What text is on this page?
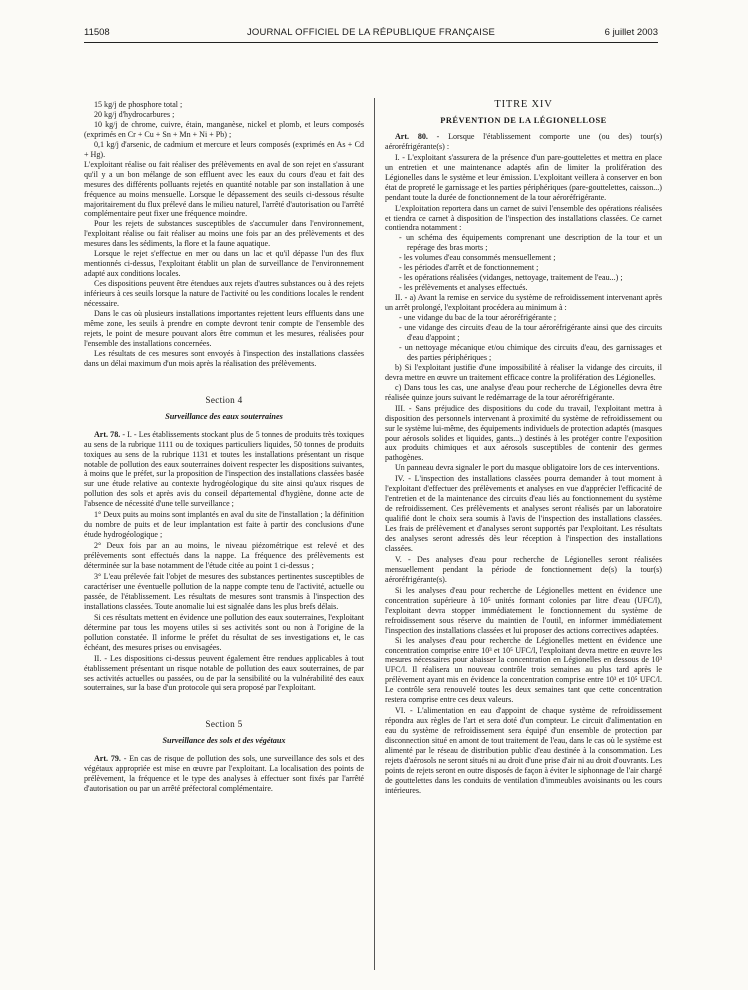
11508	JOURNAL OFFICIEL DE LA RÉPUBLIQUE FRANÇAISE	6 juillet 2003

15 kg/j de phosphore total ;

20 kg/j d'hydrocarbures ;

10 kg/j de chrome, cuivre, étain, manganèse, nickel et plomb, et leurs composés (exprimés en Cr + Cu + Sn + Mn + Ni + Pb) ;

0,1 kg/j d'arsenic, de cadmium et mercure et leurs composés (exprimés en As + Cd + Hg).

L'exploitant réalise ou fait réaliser des prélèvements en aval de son rejet en s'assurant qu'il y a un bon mélange de son effluent avec les eaux du cours d'eau et fait des mesures des différents polluants rejetés en quantité notable par son installation à une fréquence au moins mensuelle. Lorsque le dépassement des seuils ci-dessous résulte majoritairement du flux prélevé dans le milieu naturel, l'arrêté d'autorisation ou l'arrêté complémentaire peut fixer une fréquence moindre.

Pour les rejets de substances susceptibles de s'accumuler dans l'environnement, l'exploitant réalise ou fait réaliser au moins une fois par an des prélèvements et des mesures dans les sédiments, la flore et la faune aquatique.

Lorsque le rejet s'effectue en mer ou dans un lac et qu'il dépasse l'un des flux mentionnés ci-dessus, l'exploitant établit un plan de surveillance de l'environnement adapté aux conditions locales.

Ces dispositions peuvent être étendues aux rejets d'autres substances ou à des rejets inférieurs à ces seuils lorsque la nature de l'activité ou les conditions locales le rendent nécessaire.

Dans le cas où plusieurs installations importantes rejettent leurs effluents dans une même zone, les seuils à prendre en compte devront tenir compte de l'ensemble des rejets, le point de mesure pouvant alors être commun et les mesures, réalisées pour l'ensemble des installations concernées.

Les résultats de ces mesures sont envoyés à l'inspection des installations classées dans un délai maximum d'un mois après la réalisation des prélèvements.

Section 4
Surveillance des eaux souterraines

Art. 78. - I. - Les établissements stockant plus de 5 tonnes de produits très toxiques au sens de la rubrique 1111 ou de toxiques particuliers liquides, 50 tonnes de produits toxiques au sens de la rubrique 1131 et toutes les installations présentant un risque notable de pollution des eaux souterraines doivent respecter les dispositions suivantes, à moins que le préfet, sur la proposition de l'inspection des installations classées basée sur une étude relative au contexte hydrogéologique du site ainsi qu'aux risques de pollution des sols et après avis du conseil départemental d'hygiène, donne acte de l'absence de nécessité d'une telle surveillance ;

1° Deux puits au moins sont implantés en aval du site de l'installation ; la définition du nombre de puits et de leur implantation est faite à partir des conclusions d'une étude hydrogéologique ;

2° Deux fois par an au moins, le niveau piézométrique est relevé et des prélèvements sont effectués dans la nappe. La fréquence des prélèvements est déterminée sur la base notamment de l'étude citée au point 1 ci-dessus ;

3° L'eau prélevée fait l'objet de mesures des substances pertinentes susceptibles de caractériser une éventuelle pollution de la nappe compte tenu de l'activité, actuelle ou passée, de l'établissement. Les résultats de mesures sont transmis à l'inspection des installations classées. Toute anomalie lui est signalée dans les plus brefs délais.

Si ces résultats mettent en évidence une pollution des eaux souterraines, l'exploitant détermine par tous les moyens utiles si ses activités sont ou non à l'origine de la pollution constatée. Il informe le préfet du résultat de ses investigations et, le cas échéant, des mesures prises ou envisagées.

II. - Les dispositions ci-dessus peuvent également être rendues applicables à tout établissement présentant un risque notable de pollution des eaux souterraines, de par ses activités actuelles ou passées, ou de par la sensibilité ou la vulnérabilité des eaux souterraines, sur la base d'un protocole qui sera proposé par l'exploitant.

Section 5
Surveillance des sols et des végétaux

Art. 79. - En cas de risque de pollution des sols, une surveillance des sols et des végétaux appropriée est mise en œuvre par l'exploitant. La localisation des points de prélèvement, la fréquence et le type des analyses à effectuer sont fixés par l'arrêté d'autorisation ou par un arrêté préfectoral complémentaire.

TITRE XIV
PRÉVENTION DE LA LÉGIONELLOSE

Art. 80. - Lorsque l'établissement comporte une (ou des) tour(s) aéroréfrigérante(s) :

I. - L'exploitant s'assurera de la présence d'un pare-gouttelettes et mettra en place un entretien et une maintenance adaptés afin de limiter la prolifération des Légionelles dans le système et leur émission. L'exploitant veillera à conserver en bon état de propreté le garnissage et les parties périphériques (pare-gouttelettes, caisson...) pendant toute la durée de fonctionnement de la tour aéroréfrigérante.

L'exploitation reportera dans un carnet de suivi l'ensemble des opérations réalisées et tiendra ce carnet à disposition de l'inspection des installations classées. Ce carnet contiendra notamment :

- un schéma des équipements comprenant une description de la tour et un repérage des bras morts ;

- les volumes d'eau consommés mensuellement ;

- les périodes d'arrêt et de fonctionnement ;

- les opérations réalisées (vidanges, nettoyage, traitement de l'eau...) ;

- les prélèvements et analyses effectués.

II. - a) Avant la remise en service du système de refroidissement intervenant après un arrêt prolongé, l'exploitant procédera au minimum à :

- une vidange du bac de la tour aéroréfrigérante ;

- une vidange des circuits d'eau de la tour aéroréfrigérante ainsi que des circuits d'eau d'appoint ;

- un nettoyage mécanique et/ou chimique des circuits d'eau, des garnissages et des parties périphériques ;

b) Si l'exploitant justifie d'une impossibilité à réaliser la vidange des circuits, il devra mettre en œuvre un traitement efficace contre la prolifération des Légionelles.

c) Dans tous les cas, une analyse d'eau pour recherche de Légionelles devra être réalisée quinze jours suivant le redémarrage de la tour aéroréfrigérante.

III. - Sans préjudice des dispositions du code du travail, l'exploitant mettra à disposition des personnels intervenant à proximité du système de refroidissement ou sur le système lui-même, des équipements individuels de protection adaptés (masques pour aérosols solides et liquides, gants...) destinés à les protéger contre l'exposition aux produits chimiques et aux aérosols susceptibles de contenir des germes pathogènes.

Un panneau devra signaler le port du masque obligatoire lors de ces interventions.

IV. - L'inspection des installations classées pourra demander à tout moment à l'exploitant d'effectuer des prélèvements et analyses en vue d'apprécier l'efficacité de l'entretien et de la maintenance des circuits d'eau liés au fonctionnement du système de refroidissement. Ces prélèvements et analyses seront réalisés par un laboratoire qualifié dont le choix sera soumis à l'avis de l'inspection des installations classées. Les frais de prélèvement et d'analyses seront supportés par l'exploitant. Les résultats des analyses seront adressés dès leur réception à l'inspection des installations classées.

V. - Des analyses d'eau pour recherche de Légionelles seront réalisées mensuellement pendant la période de fonctionnement de(s) la tour(s) aéroréfrigérante(s).

Si les analyses d'eau pour recherche de Légionelles mettent en évidence une concentration supérieure à 10⁵ unités formant colonies par litre d'eau (UFC/l), l'exploitant devra stopper immédiatement le fonctionnement du système de refroidissement sous réserve du maintien de l'outil, en informer immédiatement l'inspection des installations classées et lui proposer des actions correctives adaptées.

Si les analyses d'eau pour recherche de Légionelles mettent en évidence une concentration comprise entre 10³ et 10⁵ UFC/l, l'exploitant devra mettre en œuvre les mesures nécessaires pour abaisser la concentration en Légionelles en dessous de 10³ UFC/l. Il réalisera un nouveau contrôle trois semaines au plus tard après le prélèvement ayant mis en évidence la concentration comprise entre 10³ et 10⁵ UFC/l. Le contrôle sera renouvelé toutes les deux semaines tant que cette concentration restera comprise entre ces deux valeurs.

VI. - L'alimentation en eau d'appoint de chaque système de refroidissement répondra aux règles de l'art et sera doté d'un compteur. Le circuit d'alimentation en eau du système de refroidissement sera équipé d'un ensemble de protection par disconnection situé en amont de tout traitement de l'eau, dans le cas où le système est alimenté par le réseau de distribution public d'eau destinée à la consommation. Les rejets d'aérosols ne seront situés ni au droit d'une prise d'air ni au droit d'ouvrants. Les points de rejets seront en outre disposés de façon à éviter le siphonnage de l'air chargé de gouttelettes dans les conduits de ventilation d'immeubles avoisinants ou les cours intérieures.
